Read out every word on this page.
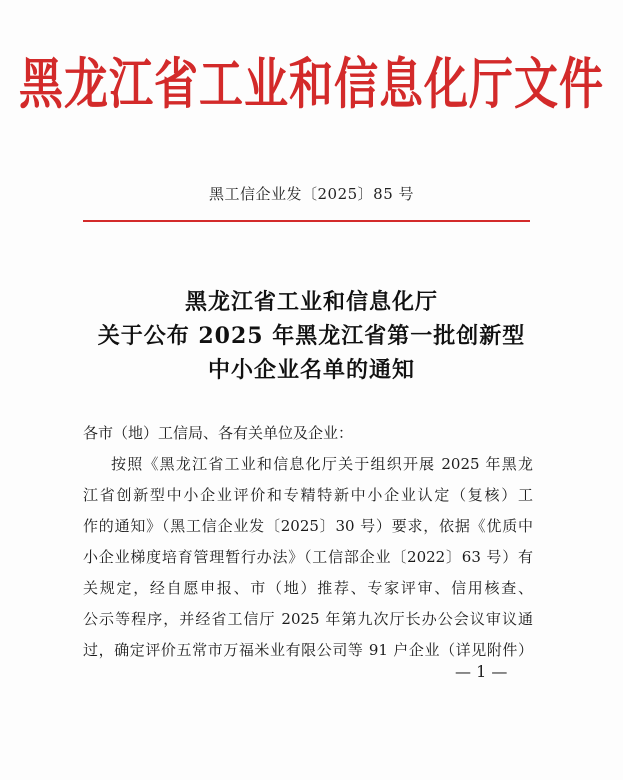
黑龙江省工业和信息化厅文件
黑工信企业发〔2025〕85 号
黑龙江省工业和信息化厅
关于公布 2025 年黑龙江省第一批创新型
中小企业名单的通知
各市（地）工信局、各有关单位及企业：
按照《黑龙江省工业和信息化厅关于组织开展 2025 年黑龙
江省创新型中小企业评价和专精特新中小企业认定（复核）工
作的通知》（黑工信企业发〔2025〕30 号）要求，依据《优质中
小企业梯度培育管理暂行办法》（工信部企业〔2022〕63 号）有
关规定，经自愿申报、市（地）推荐、专家评审、信用核查、
公示等程序，并经省工信厅 2025 年第九次厅长办公会议审议通
过，确定评价五常市万福米业有限公司等 91 户企业（详见附件）
— 1 —
